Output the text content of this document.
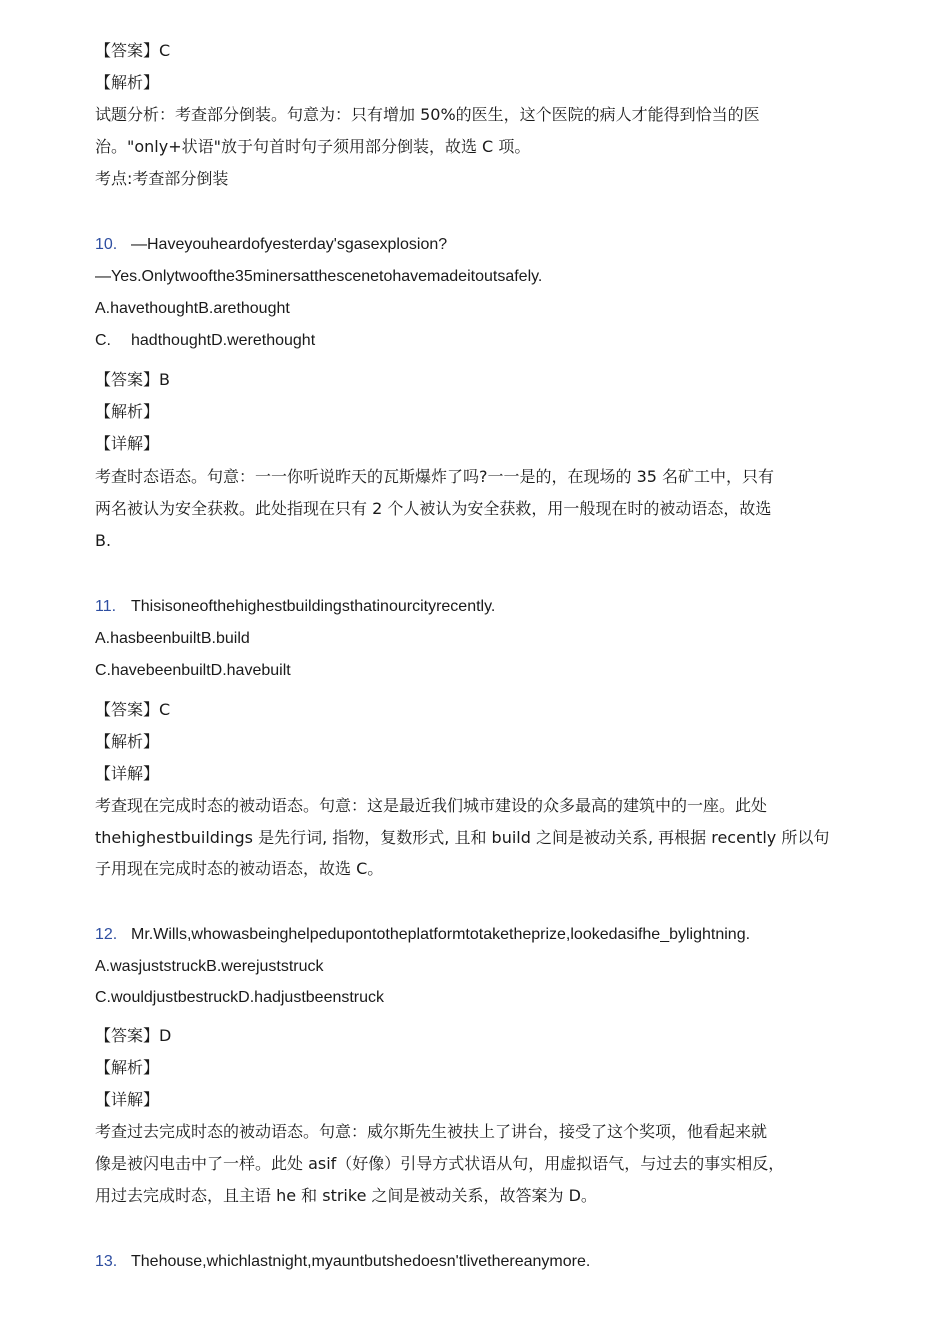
【答案】C
【解析】
试题分析：考查部分倒装。句意为：只有增加 50%的医生，这个医院的病人才能得到恰当的医
治。"only+状语"放于句首时句子须用部分倒装，故选 C 项。
考点:考查部分倒装
10. —Haveyouheardofyesterday'sgasexplosion?
—Yes.Onlytwoofthe35minersatthescenetohavemadeitoutsafely.
A.havethoughtB.arethought
C. hadthoughtD.werethought
【答案】B
【解析】
【详解】
考查时态语态。句意：一一你听说昨天的瓦斯爆炸了吗?一一是的，在现场的 35 名矿工中，只有
两名被认为安全获救。此处指现在只有 2 个人被认为安全获救，用一般现在时的被动语态，故选
B.
11. Thisisoneofthehighestbuildingsthatinourcityrecently.
A.hasbeenbuiltB.build
C.havebeenbuiltD.havebuilt
【答案】C
【解析】
【详解】
考查现在完成时态的被动语态。句意：这是最近我们城市建设的众多最高的建筑中的一座。此处
thehighestbuildings 是先行词, 指物，复数形式, 且和 build 之间是被动关系, 再根据 recently 所以句
子用现在完成时态的被动语态，故选 C。
12. Mr.Wills,whowasbeinghelpedupontotheplatformtotaketheprize,lookedasifhe_bylightning.
A.wasjuststruckB.werejuststruck
C.wouldjustbestruckD.hadjustbeenstruck
【答案】D
【解析】
【详解】
考查过去完成时态的被动语态。句意：威尔斯先生被扶上了讲台，接受了这个奖项，他看起来就
像是被闪电击中了一样。此处 asif（好像）引导方式状语从句，用虚拟语气，与过去的事实相反，
用过去完成时态，且主语 he 和 strike 之间是被动关系，故答案为 D。
13. Thehouse,whichlastnight,myauntbutshedoesn'tlivethereanymore.
